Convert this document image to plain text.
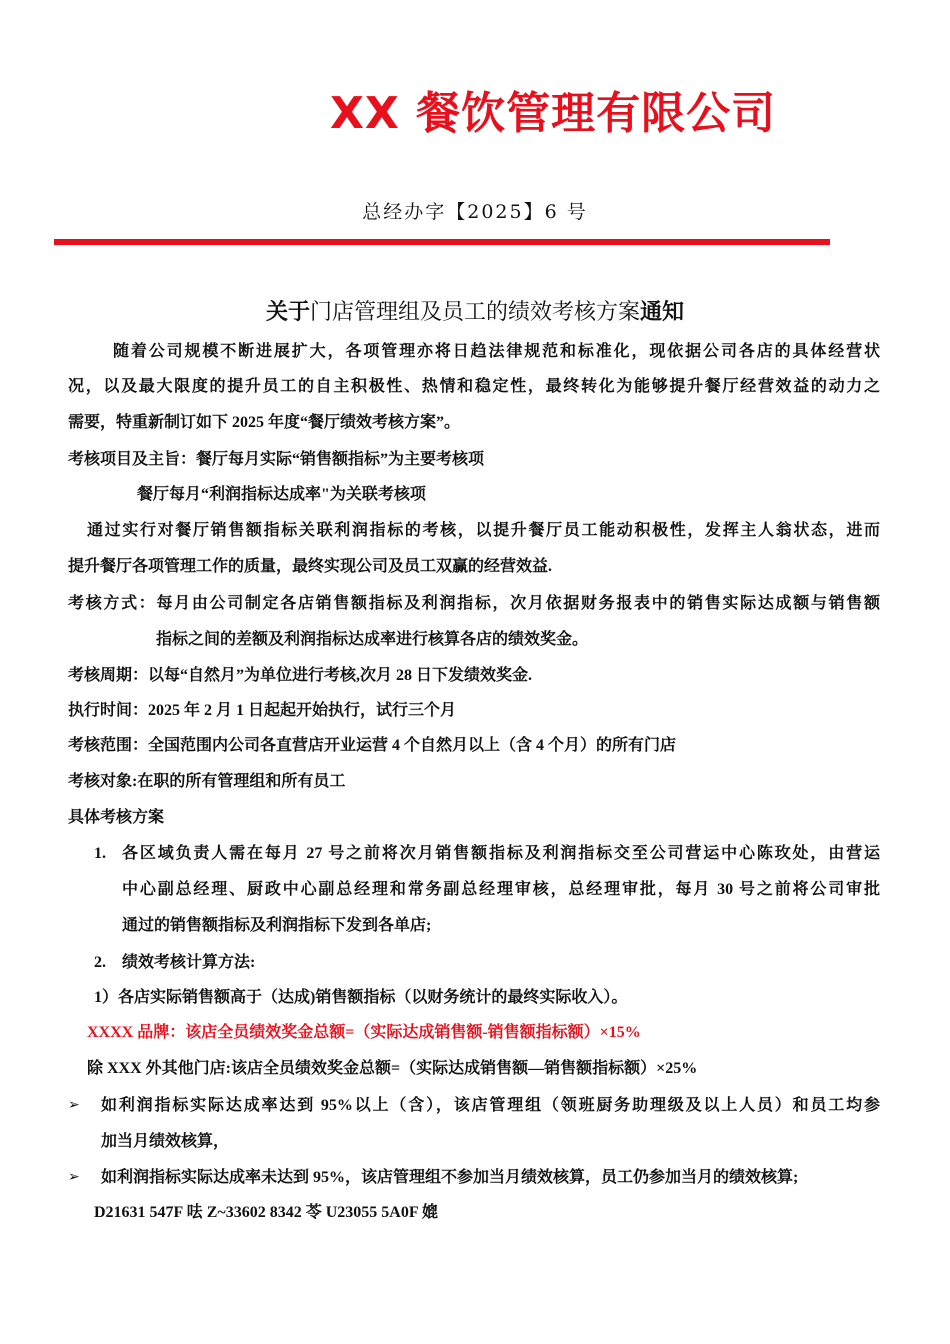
XX 餐饮管理有限公司
总经办字【2025】6 号
关于门店管理组及员工的绩效考核方案通知
随着公司规模不断进展扩大，各项管理亦将日趋法律规范和标准化，现依据公司各店的具体经营状
况，以及最大限度的提升员工的自主积极性、热情和稳定性，最终转化为能够提升餐厅经营效益的动力之
需要，特重新制订如下 2025 年度“餐厅绩效考核方案”。
考核项目及主旨：餐厅每月实际“销售额指标”为主要考核项
餐厅每月“利润指标达成率"为关联考核项
通过实行对餐厅销售额指标关联利润指标的考核，以提升餐厅员工能动积极性，发挥主人翁状态，进而
提升餐厅各项管理工作的质量，最终实现公司及员工双赢的经营效益.
考核方式：每月由公司制定各店销售额指标及利润指标，次月依据财务报表中的销售实际达成额与销售额
指标之间的差额及利润指标达成率进行核算各店的绩效奖金。
考核周期：以每“自然月”为单位进行考核,次月 28 日下发绩效奖金.
执行时间：2025 年 2 月 1 日起起开始执行，试行三个月
考核范围：全国范围内公司各直营店开业运营 4 个自然月以上（含 4 个月）的所有门店
考核对象:在职的所有管理组和所有员工
具体考核方案
1. 各区域负责人需在每月 27 号之前将次月销售额指标及利润指标交至公司营运中心陈玫处，由营运
中心副总经理、厨政中心副总经理和常务副总经理审核，总经理审批，每月 30 号之前将公司审批
通过的销售额指标及利润指标下发到各单店;
2. 绩效考核计算方法:
1）各店实际销售额高于（达成)销售额指标（以财务统计的最终实际收入）。
XXXX 品牌：该店全员绩效奖金总额=（实际达成销售额-销售额指标额）×15%
除 XXX 外其他门店:该店全员绩效奖金总额=（实际达成销售额—销售额指标额）×25%
➢ 如利润指标实际达成率达到 95%以上（含），该店管理组（领班厨务助理级及以上人员）和员工均参
加当月绩效核算，
➢ 如利润指标实际达成率未达到 95%，该店管理组不参加当月绩效核算，员工仍参加当月的绩效核算;
D21631 547F 呿 Z~33602 8342 苓 U23055 5A0F 媲
